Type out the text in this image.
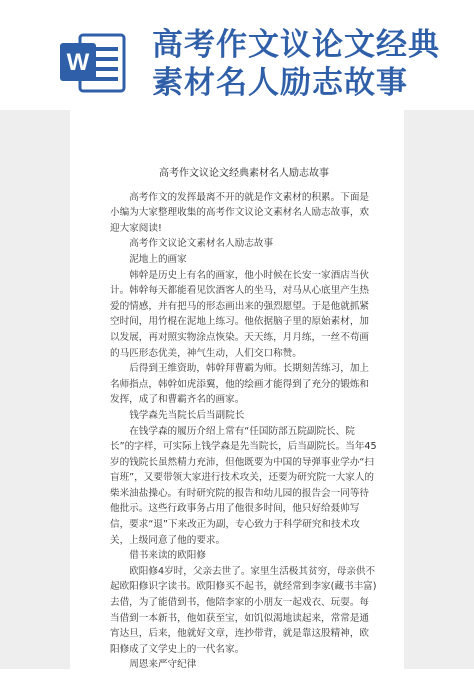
W 高考作文议论文经典素材名人励志故事
高考作文议论文经典素材名人励志故事

高考作文的发挥最离不开的就是作文素材的积累。下面是小编为大家整理收集的高考作文议论文素材名人励志故事，欢迎大家阅读!

高考作文议论文素材名人励志故事

泥地上的画家

韩幹是历史上有名的画家，他小时候在长安一家酒店当伙计。韩幹每天都能看见饮酒客人的坐马，对马从心底里产生热爱的情感，并有把马的形态画出来的强烈愿望。于是他就抓紧空时间，用竹棍在泥地上练习。他依据脑子里的原始素材，加以发展，再对照实物涂点恢染。天天练，月月练，一丝不苟画的马匹形态优美，神气生动，人们交口称赞。

后得到王维资助，韩幹拜曹霸为师。长期刻苦练习，加上名师指点，韩幹如虎添翼，他的绘画才能得到了充分的锻炼和发挥，成了和曹霸齐名的画家。

钱学森先当院长后当副院长

在钱学森的履历介绍上常有“任国防部五院副院长、院长”的字样，可实际上钱学森是先当院长，后当副院长。当年45岁的钱院长虽然精力充沛，但他既要为中国的导弹事业学办“扫盲班”，又要带领大家进行技术攻关，还要为研究院一大家人的柴米油盐操心。有时研究院的报告和幼儿园的报告会一同等待他批示。这些行政事务占用了他很多时间，他只好给聂帅写信，要求“退”下来改正为副，专心致力于科学研究和技术攻关，上级同意了他的要求。

借书来读的欧阳修

欧阳修4岁时，父亲去世了。家里生活极其贫穷，母亲供不起欧阳修识字读书。欧阳修买不起书，就经常到李家(藏书丰富)去借，为了能借到书，他陪李家的小朋友一起戏衣、玩耍。每当借到一本新书，他如获至宝，如饥似渴地读起来，常常是通宵达旦，后来，他就好文章，连抄带背，就是靠这股精神，欧阳修成了文学史上的一代名家。

周恩来严守纪律
